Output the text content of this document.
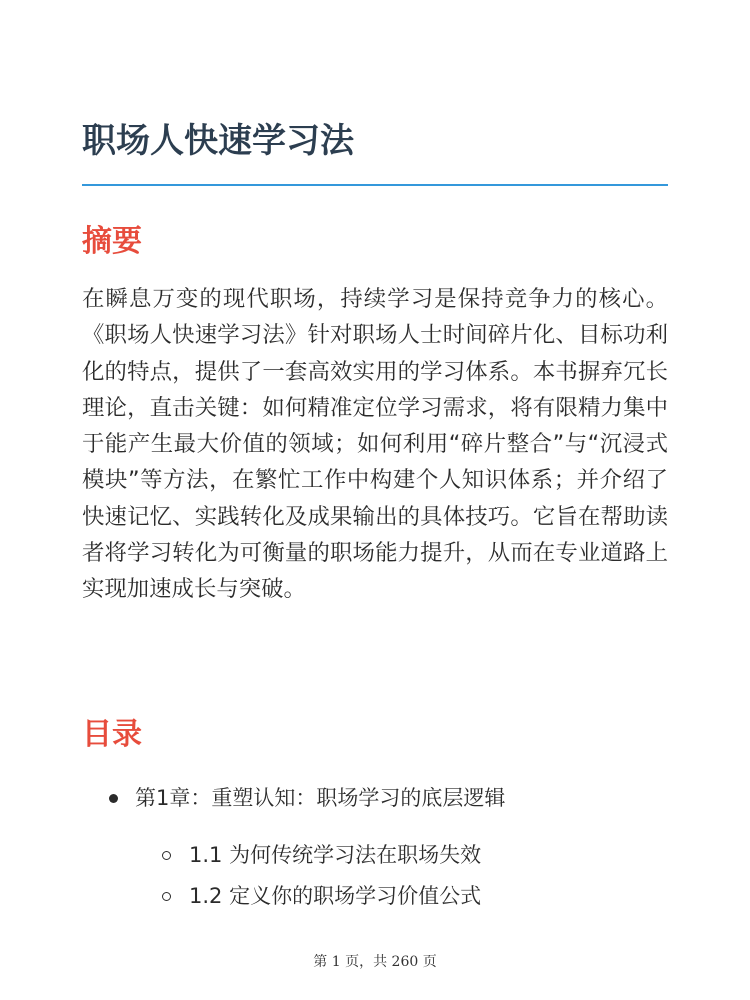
职场人快速学习法
摘要

在瞬息万变的现代职场，持续学习是保持竞争力的核心。《职场人快速学习法》针对职场人士时间碎片化、目标功利化的特点，提供了一套高效实用的学习体系。本书摒弃冗长理论，直击关键：如何精准定位学习需求，将有限精力集中于能产生最大价值的领域；如何利用“碎片整合”与“沉浸式模块”等方法，在繁忙工作中构建个人知识体系；并介绍了快速记忆、实践转化及成果输出的具体技巧。它旨在帮助读者将学习转化为可衡量的职场能力提升，从而在专业道路上实现加速成长与突破。

目录
第1章：重塑认知：职场学习的底层逻辑
1.1 为何传统学习法在职场失效
1.2 定义你的职场学习价值公式
第 1 页，共 260 页
